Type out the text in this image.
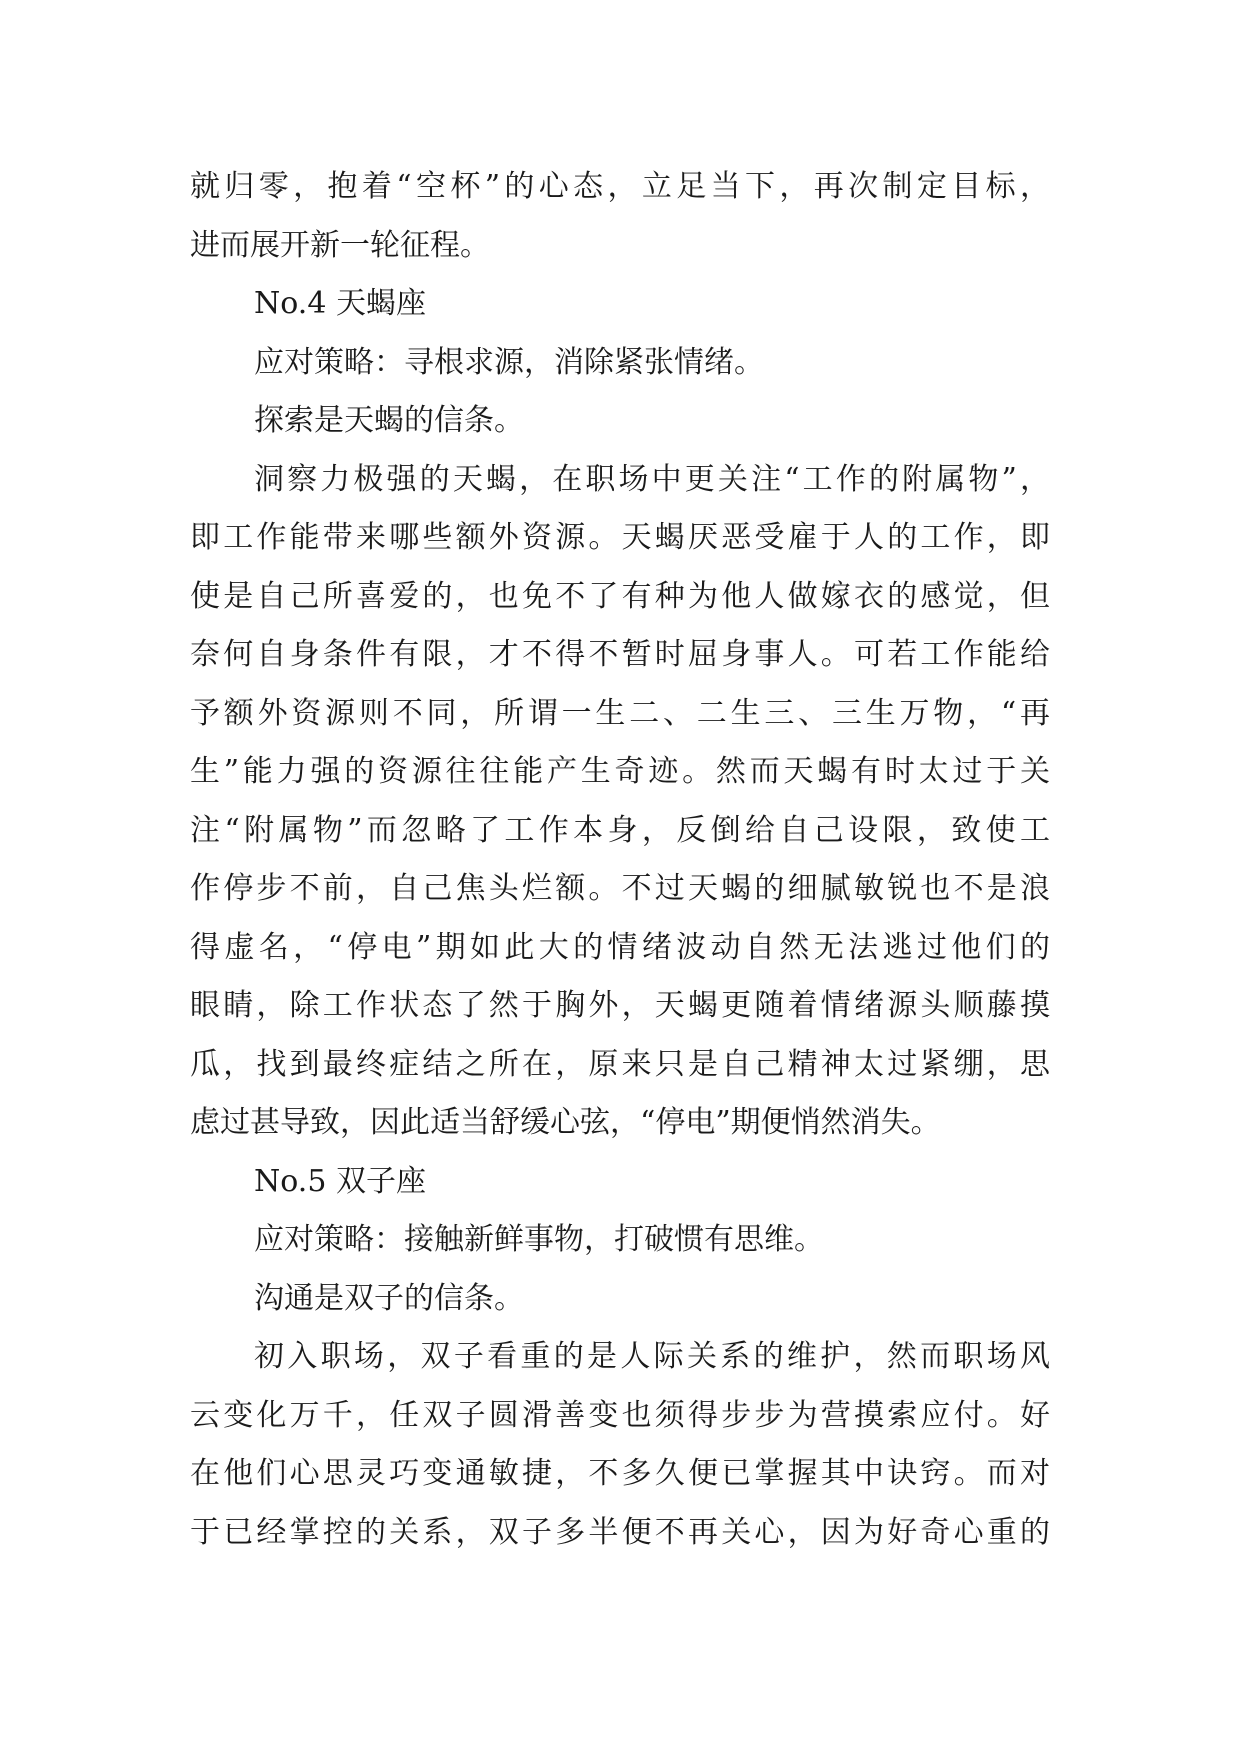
就归零，抱着“空杯”的心态，立足当下，再次制定目标，
进而展开新一轮征程。
No.4 天蝎座
应对策略：寻根求源，消除紧张情绪。
探索是天蝎的信条。
洞察力极强的天蝎，在职场中更关注“工作的附属物”，
即工作能带来哪些额外资源。天蝎厌恶受雇于人的工作，即
使是自己所喜爱的，也免不了有种为他人做嫁衣的感觉，但
奈何自身条件有限，才不得不暂时屈身事人。可若工作能给
予额外资源则不同，所谓一生二、二生三、三生万物，“再
生”能力强的资源往往能产生奇迹。然而天蝎有时太过于关
注“附属物”而忽略了工作本身，反倒给自己设限，致使工
作停步不前，自己焦头烂额。不过天蝎的细腻敏锐也不是浪
得虚名，“停电”期如此大的情绪波动自然无法逃过他们的
眼睛，除工作状态了然于胸外，天蝎更随着情绪源头顺藤摸
瓜，找到最终症结之所在，原来只是自己精神太过紧绷，思
虑过甚导致，因此适当舒缓心弦，“停电”期便悄然消失。
No.5 双子座
应对策略：接触新鲜事物，打破惯有思维。
沟通是双子的信条。
初入职场，双子看重的是人际关系的维护，然而职场风
云变化万千，任双子圆滑善变也须得步步为营摸索应付。好
在他们心思灵巧变通敏捷，不多久便已掌握其中诀窍。而对
于已经掌控的关系，双子多半便不再关心，因为好奇心重的
